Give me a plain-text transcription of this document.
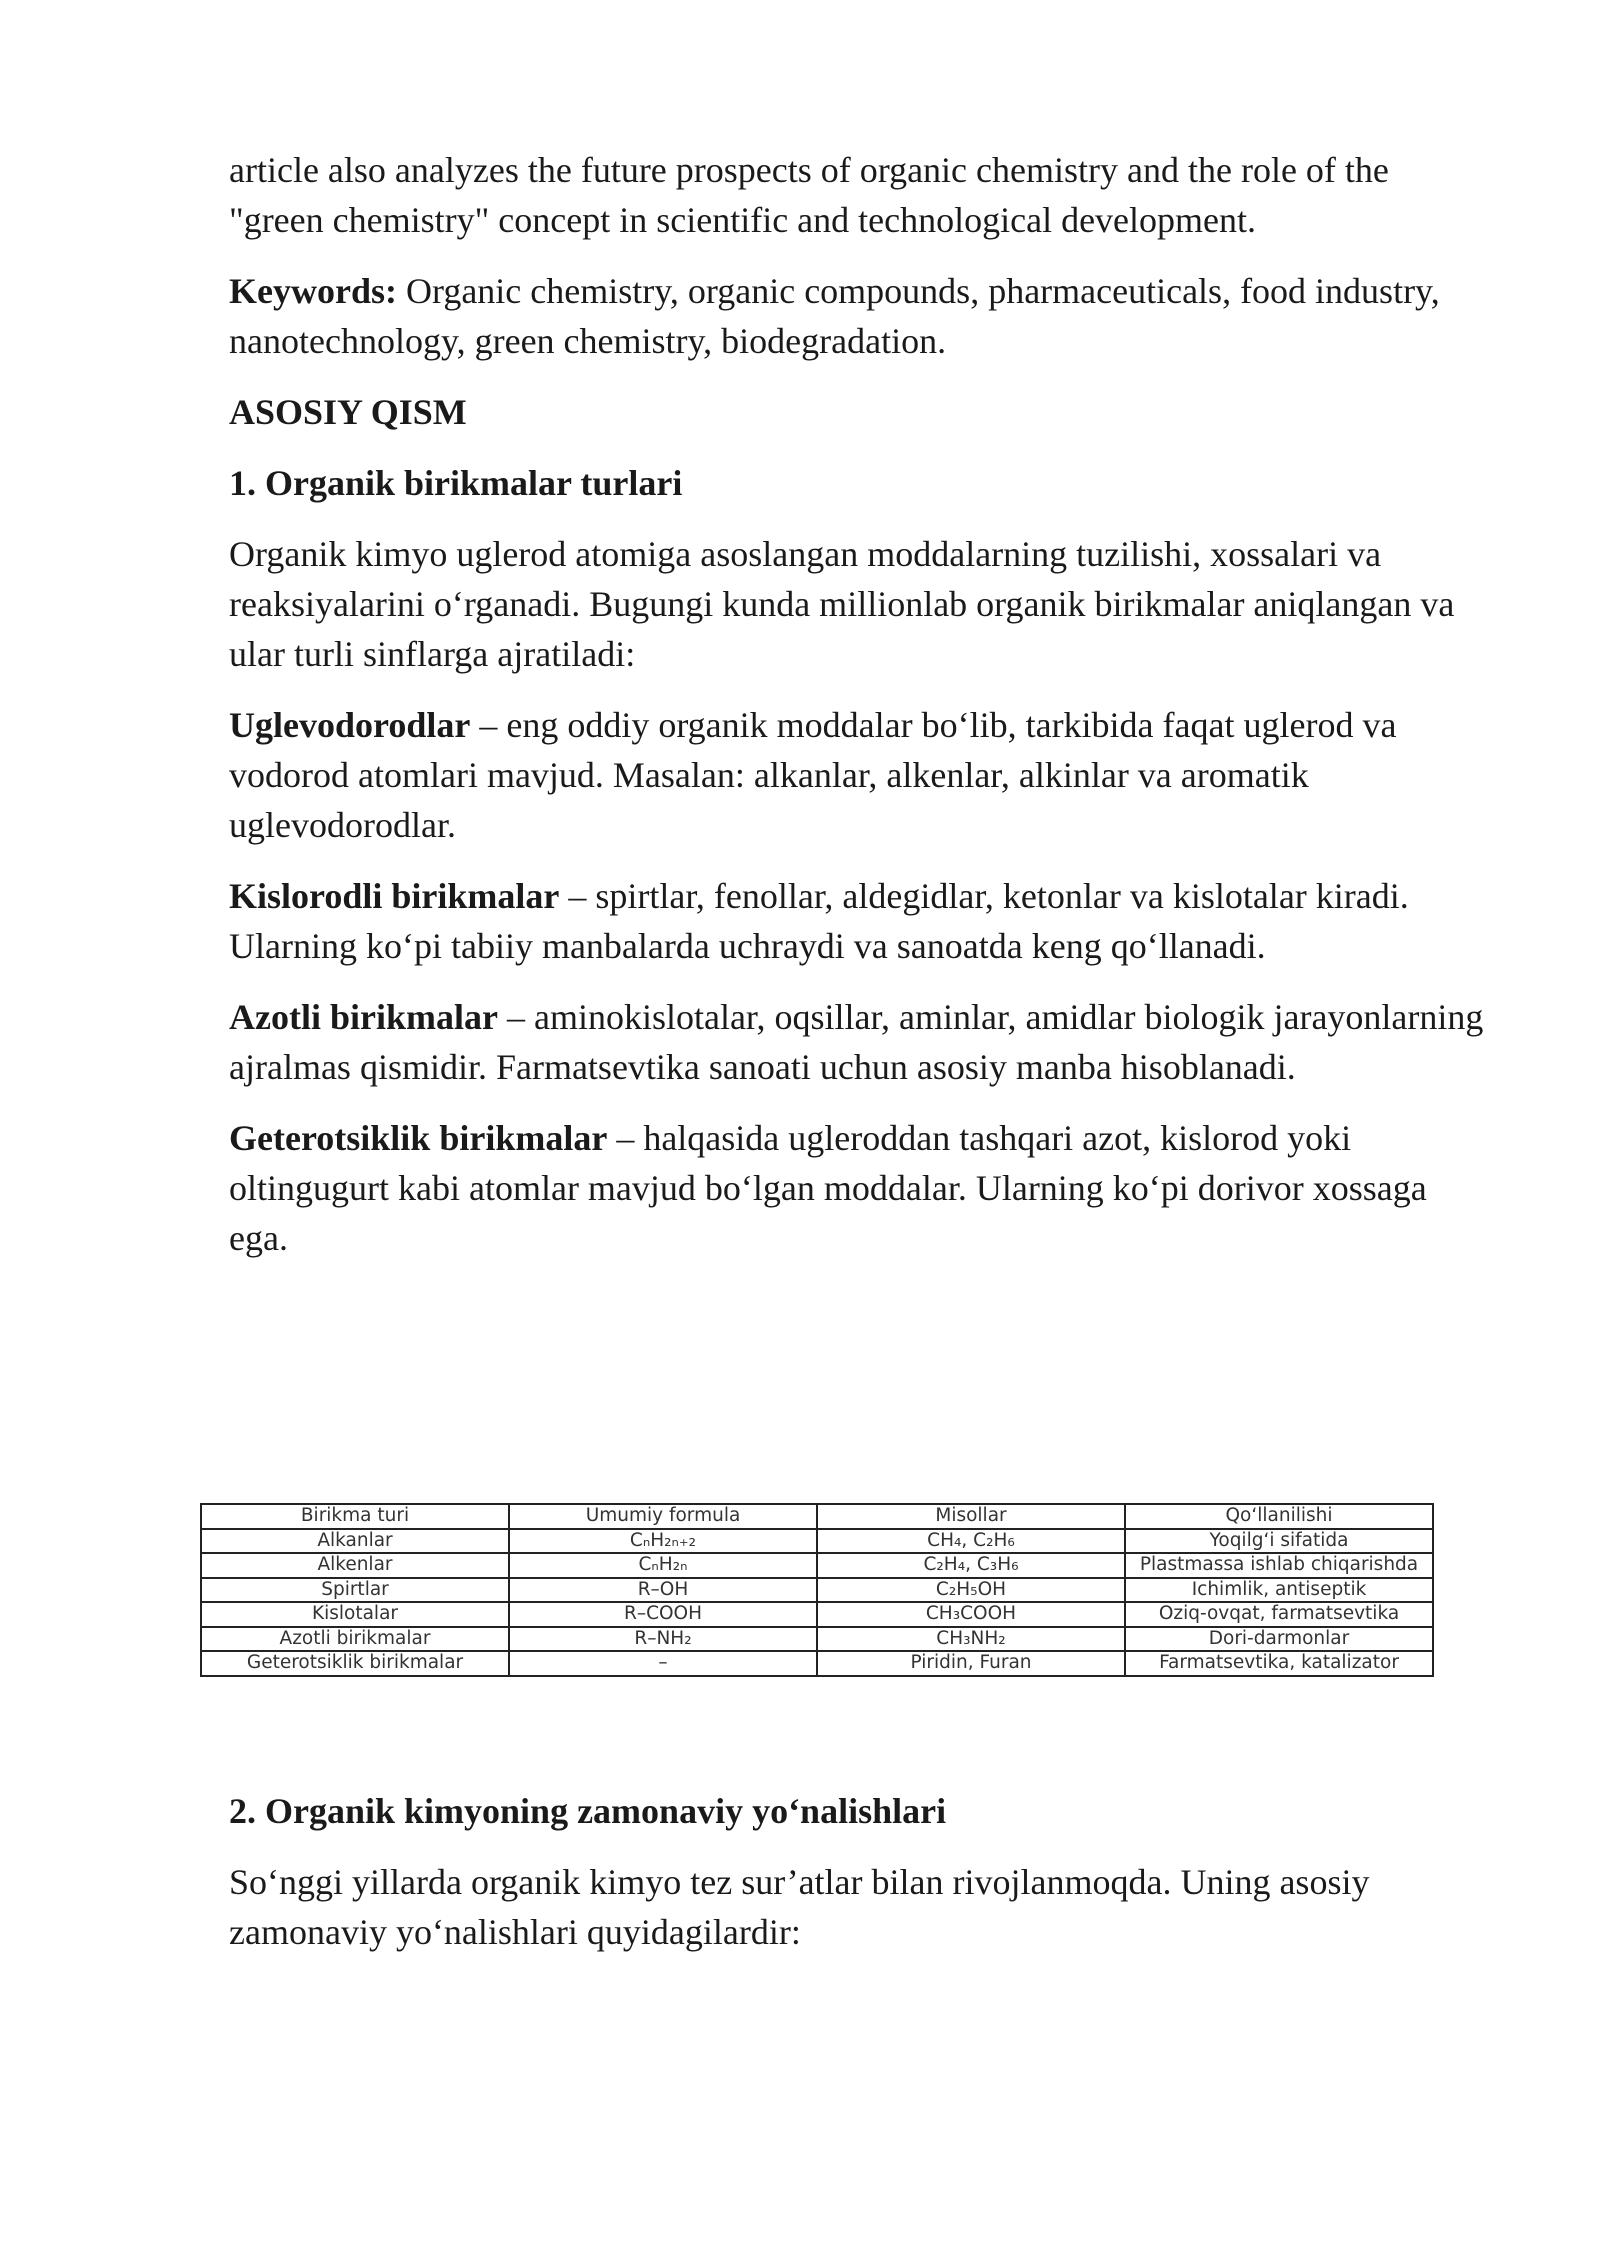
article also analyzes the future prospects of organic chemistry and the role of the "green chemistry" concept in scientific and technological development.

Keywords: Organic chemistry, organic compounds, pharmaceuticals, food industry, nanotechnology, green chemistry, biodegradation.

ASOSIY QISM

1. Organik birikmalar turlari

Organik kimyo uglerod atomiga asoslangan moddalarning tuzilishi, xossalari va reaksiyalarini o‘rganadi. Bugungi kunda millionlab organik birikmalar aniqlangan va ular turli sinflarga ajratiladi:

Uglevodorodlar – eng oddiy organik moddalar bo‘lib, tarkibida faqat uglerod va vodorod atomlari mavjud. Masalan: alkanlar, alkenlar, alkinlar va aromatik uglevodorodlar.

Kislorodli birikmalar – spirtlar, fenollar, aldegidlar, ketonlar va kislotalar kiradi. Ularning ko‘pi tabiiy manbalarda uchraydi va sanoatda keng qo‘llanadi.

Azotli birikmalar – aminokislotalar, oqsillar, aminlar, amidlar biologik jarayonlarning ajralmas qismidir. Farmatsevtika sanoati uchun asosiy manba hisoblanadi.

Geterotsiklik birikmalar – halqasida ugleroddan tashqari azot, kislorod yoki oltingugurt kabi atomlar mavjud bo‘lgan moddalar. Ularning ko‘pi dorivor xossaga ega.

Birikma turi	Umumiy formula	Misollar	Qo‘llanilishi
Alkanlar	CₙH₂ₙ₊₂	CH₄, C₂H₆	Yoqilg‘i sifatida
Alkenlar	CₙH₂ₙ	C₂H₄, C₃H₆	Plastmassa ishlab chiqarishda
Spirtlar	R–OH	C₂H₅OH	Ichimlik, antiseptik
Kislotalar	R–COOH	CH₃COOH	Oziq-ovqat, farmatsevtika
Azotli birikmalar	R–NH₂	CH₃NH₂	Dori-darmonlar
Geterotsiklik birikmalar	–	Piridin, Furan	Farmatsevtika, katalizator

2. Organik kimyoning zamonaviy yo‘nalishlari

So‘nggi yillarda organik kimyo tez sur’atlar bilan rivojlanmoqda. Uning asosiy zamonaviy yo‘nalishlari quyidagilardir:
